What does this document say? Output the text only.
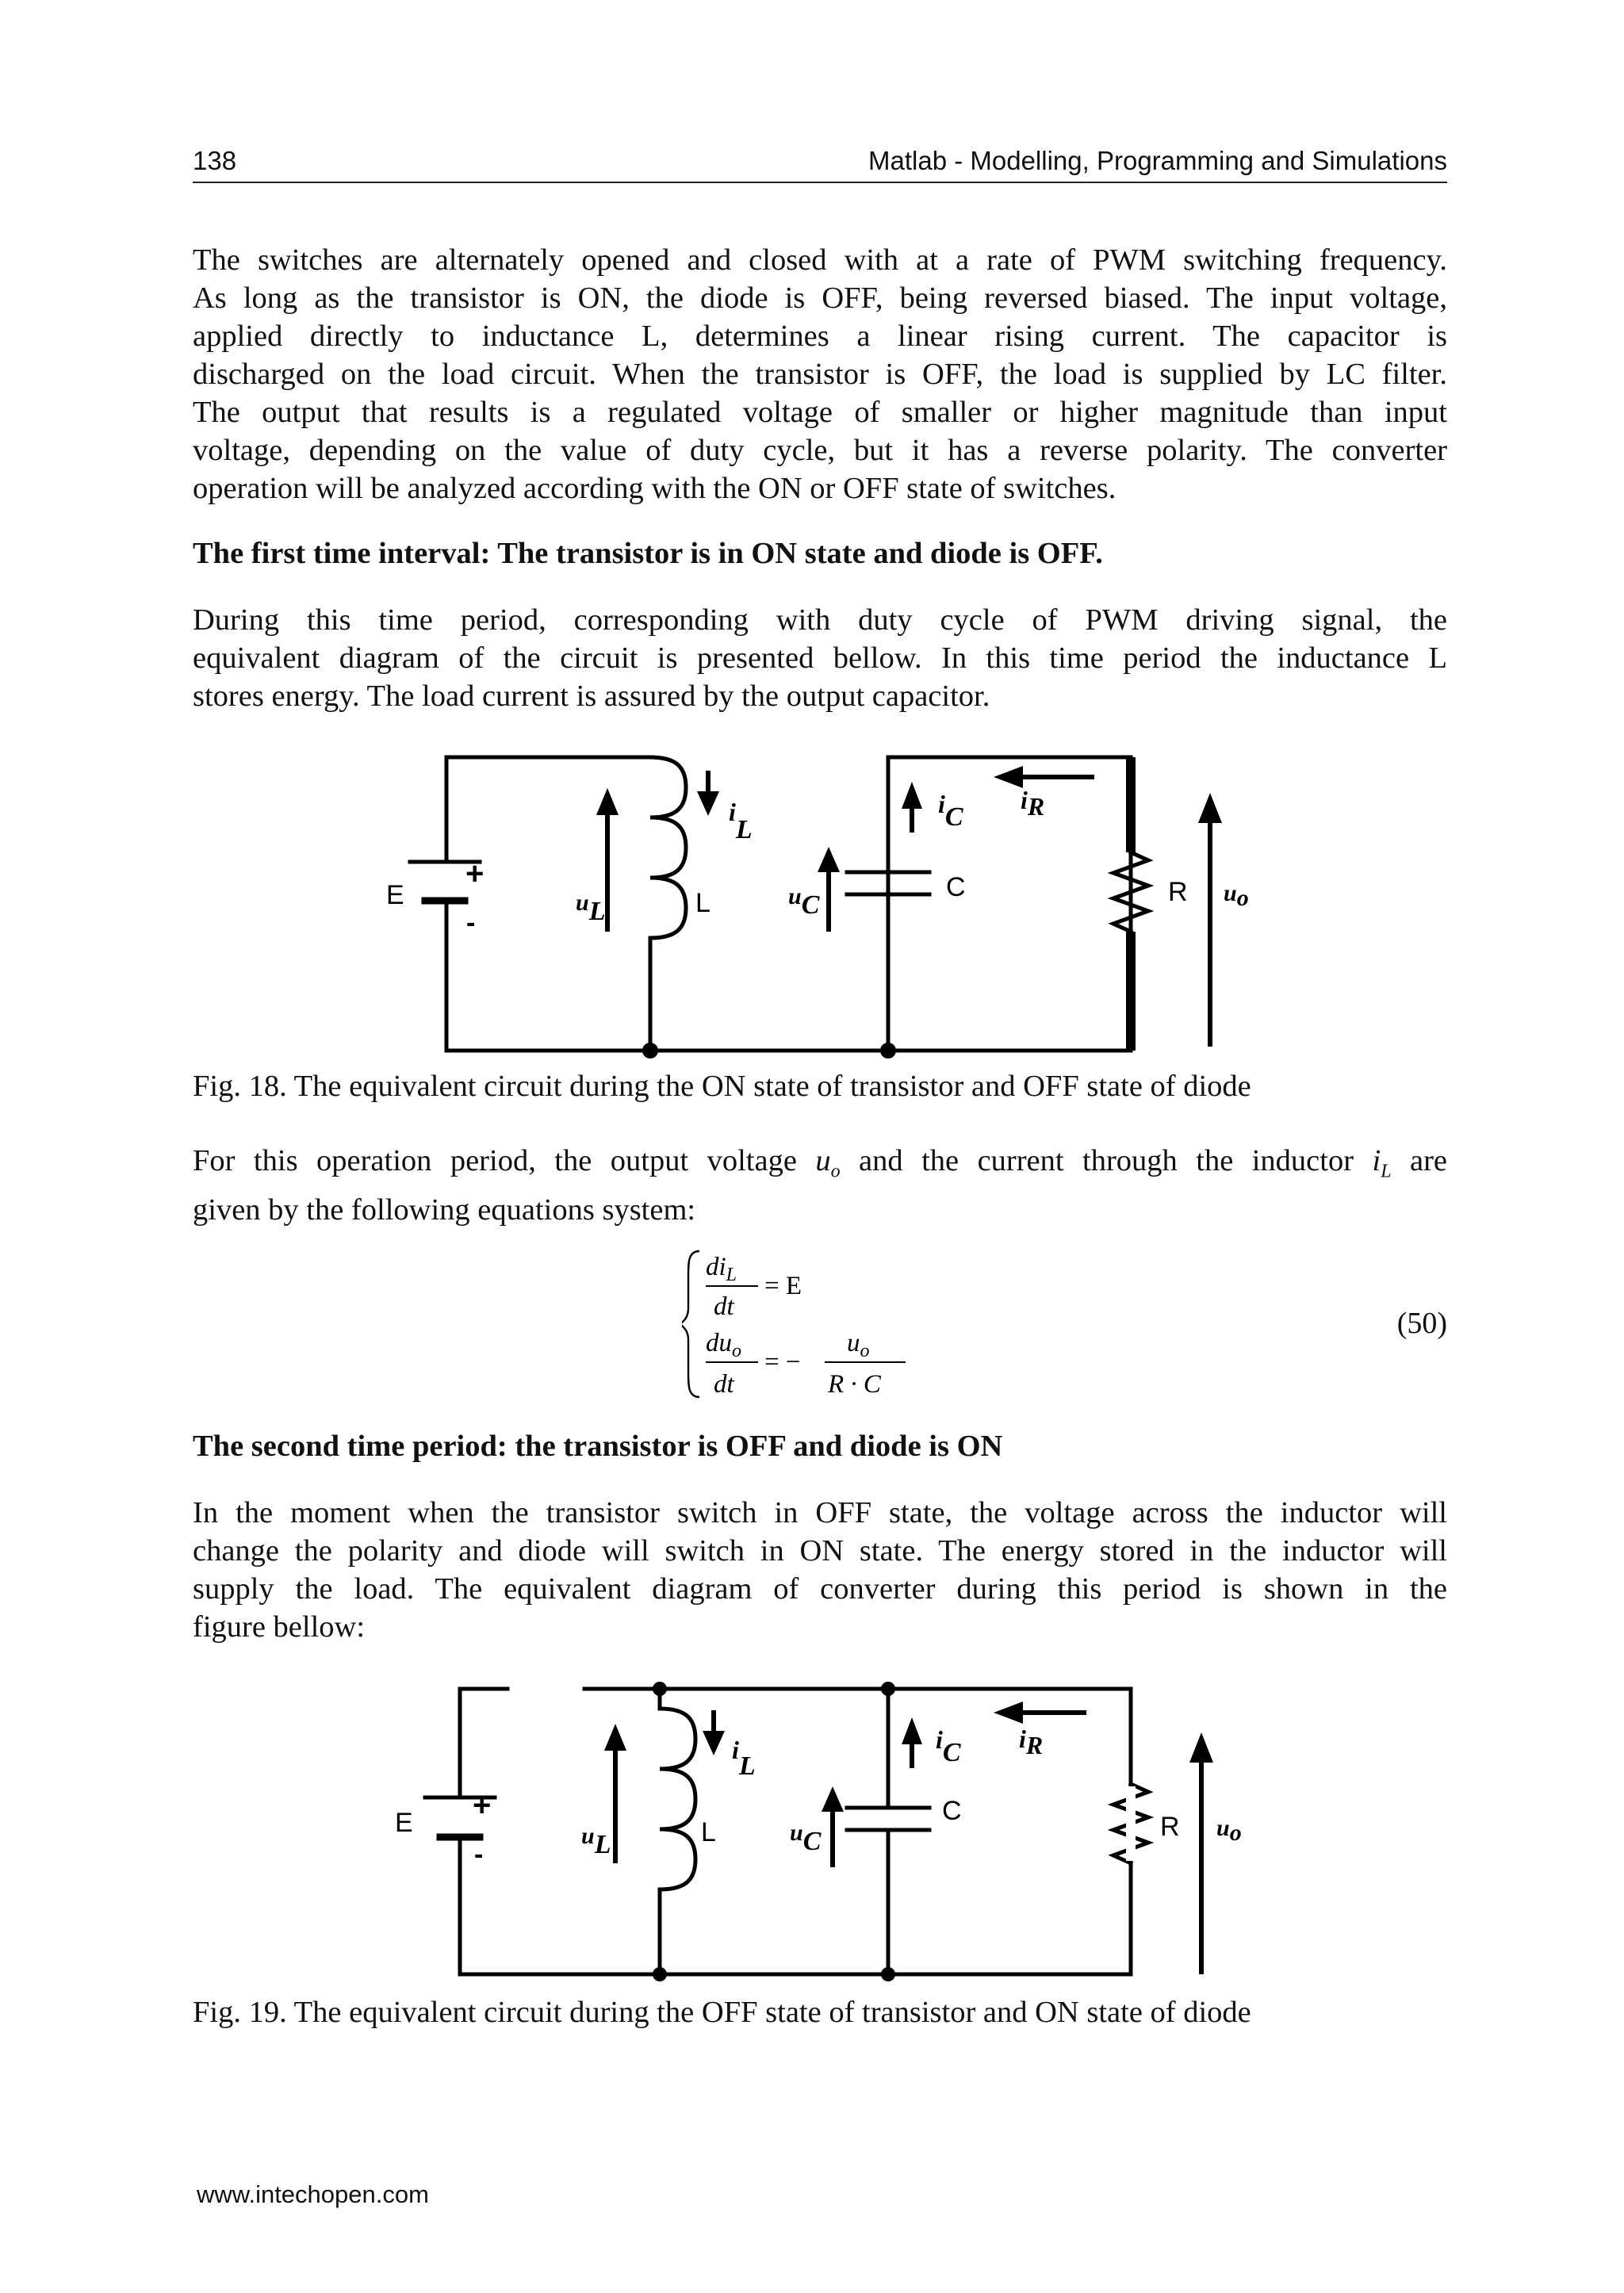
138	Matlab - Modelling, Programming and Simulations
The switches are alternately opened and closed with at a rate of PWM switching frequency.
As long as the transistor is ON, the diode is OFF, being reversed biased. The input voltage,
applied directly to inductance L, determines a linear rising current. The capacitor is
discharged on the load circuit. When the transistor is OFF, the load is supplied by LC filter.
The output that results is a regulated voltage of smaller or higher magnitude than input
voltage, depending on the value of duty cycle, but it has a reverse polarity. The converter
operation will be analyzed according with the ON or OFF state of switches.
The first time interval: The transistor is in ON state and diode is OFF.
During this time period, corresponding with duty cycle of PWM driving signal, the
equivalent diagram of the circuit is presented bellow. In this time period the inductance L
stores energy. The load current is assured by the output capacitor.
E
+
-
uL	L
iL
uC
iC
C
iR
R uo
Fig. 18. The equivalent circuit during the ON state of transistor and OFF state of diode
For this operation period, the output voltage $u_o$ and the current through the inductor $i_L$ are
given by the following equations system:
$di_L$
dt
= E
$du_o$
dt
= −
$u_o$
R · C
(50)
The second time period: the transistor is OFF and diode is ON
In the moment when the transistor switch in OFF state, the voltage across the inductor will
change the polarity and diode will switch in ON state. The energy stored in the inductor will
supply the load. The equivalent diagram of converter during this period is shown in the
figure bellow:
E +
-
uL	L
iL
uC
iC
C
iR
R uo
Fig. 19. The equivalent circuit during the OFF state of transistor and ON state of diode
www.intechopen.com
